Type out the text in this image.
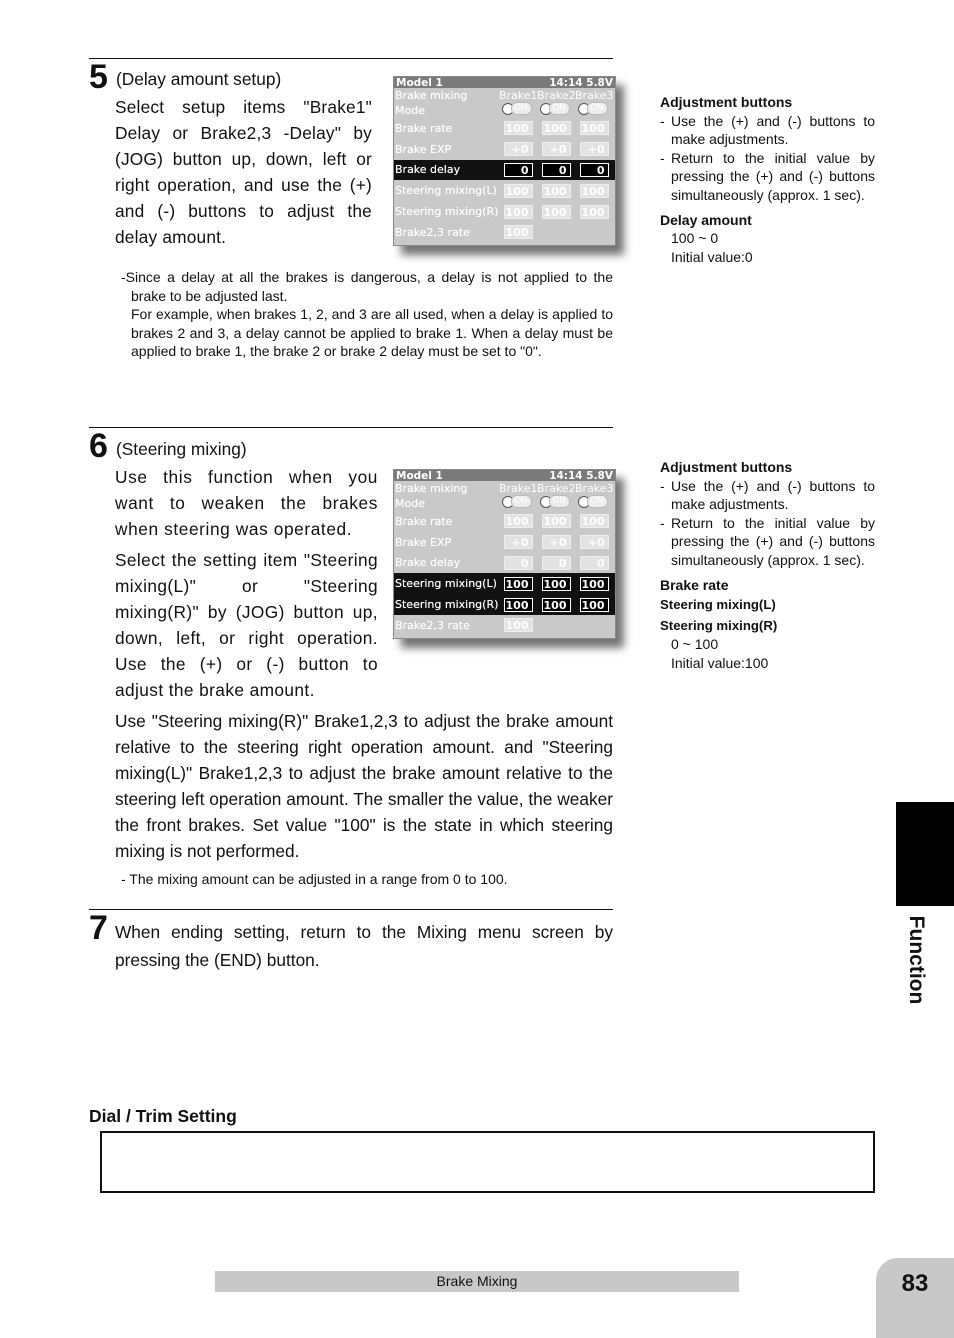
5 (Delay amount setup)
Select setup items "Brake1" Delay or Brake2,3 -Delay" by (JOG) button up, down, left or right operation, and use the (+) and (-) buttons to adjust the delay amount.
Model 1	14:14 5.8V
Brake mixing	Brake1 Brake2 Brake3
Mode	ON	ON	ON
Brake rate	100	100	100
Brake EXP	+0	+0	+0
Brake delay	0	0	0
Steering mixing(L) 100	100	100
Steering mixing(R) 100	100	100
Brake2,3 rate	100

-Since a delay at all the brakes is dangerous, a delay is not applied to the brake to be adjusted last.

For example, when brakes 1, 2, and 3 are all used, when a delay is applied to brakes 2 and 3, a delay cannot be applied to brake 1. When a delay must be applied to brake 1, the brake 2 or brake 2 delay must be set to "0".

Adjustment buttons
- Use the (+) and (-) buttons to make adjustments.
- Return to the initial value by pressing the (+) and (-) buttons simultaneously (approx. 1 sec).
Delay amount
100 ~ 0
Initial value:0
6 (Steering mixing)
Use this function when you want to weaken the brakes when steering was operated.
Select the setting item "Steering mixing(L)" or "Steering mixing(R)" by (JOG) button up, down, left, or right operation. Use the (+) or (-) button to adjust the brake amount.
Use "Steering mixing(R)" Brake1,2,3 to adjust the brake amount relative to the steering right operation amount. and "Steering mixing(L)" Brake1,2,3 to adjust the brake amount relative to the steering left operation amount. The smaller the value, the weaker the front brakes. Set value "100" is the state in which steering mixing is not performed.
- The mixing amount can be adjusted in a range from 0 to 100.
Model 1	14:14 5.8V
Brake mixing	Brake1 Brake2 Brake3
Mode	ON	ON	ON
Brake rate	100	100	100
Brake EXP	+0	+0	+0
Brake delay	0	0	0
Steering mixing(L) 100	100	100
Steering mixing(R) 100	100	100
Brake2,3 rate	100
Adjustment buttons
- Use the (+) and (-) buttons to make adjustments.
- Return to the initial value by pressing the (+) and (-) buttons simultaneously (approx. 1 sec).
Brake rate
Steering mixing(L)
Steering mixing(R)
0 ~ 100
Initial value:100
7 When ending setting, return to the Mixing menu screen by pressing the (END) button.
Dial / Trim Setting
Function
Brake Mixing	83
